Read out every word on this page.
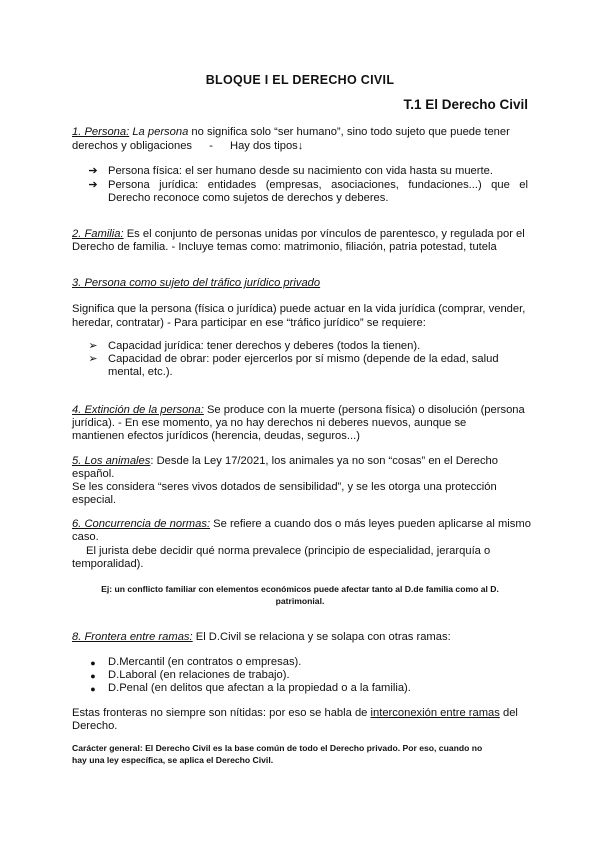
BLOQUE I EL DERECHO CIVIL
T.1 El Derecho Civil
1. Persona: La persona no significa solo “ser humano”, sino todo sujeto que puede tener
derechos y obligaciones - Hay dos tipos↓
➔ Persona física: el ser humano desde su nacimiento con vida hasta su muerte.
➔ Persona jurídica: entidades (empresas, asociaciones, fundaciones...) que el
Derecho reconoce como sujetos de derechos y deberes.
2. Familia: Es el conjunto de personas unidas por vínculos de parentesco, y regulada por el
Derecho de familia. - Incluye temas como: matrimonio, filiación, patria potestad, tutela
3. Persona como sujeto del tráfico jurídico privado
Significa que la persona (física o jurídica) puede actuar en la vida jurídica (comprar, vender,
heredar, contratar) - Para participar en ese “tráfico jurídico” se requiere:
➢ Capacidad jurídica: tener derechos y deberes (todos la tienen).
➢ Capacidad de obrar: poder ejercerlos por sí mismo (depende de la edad, salud
mental, etc.).
4. Extinción de la persona: Se produce con la muerte (persona física) o disolución (persona
jurídica). - En ese momento, ya no hay derechos ni deberes nuevos, aunque se
mantienen efectos jurídicos (herencia, deudas, seguros...)
5. Los animales: Desde la Ley 17/2021, los animales ya no son “cosas” en el Derecho
español.
Se les considera “seres vivos dotados de sensibilidad”, y se les otorga una protección
especial.
6. Concurrencia de normas: Se refiere a cuando dos o más leyes pueden aplicarse al mismo
caso.
El jurista debe decidir qué norma prevalece (principio de especialidad, jerarquía o
temporalidad).
Ej: un conflicto familiar con elementos económicos puede afectar tanto al D.de familia como al D.
patrimonial.
8. Frontera entre ramas: El D.Civil se relaciona y se solapa con otras ramas:
●	D.Mercantil (en contratos o empresas).
●	D.Laboral (en relaciones de trabajo).
●	D.Penal (en delitos que afectan a la propiedad o a la familia).
Estas fronteras no siempre son nítidas: por eso se habla de interconexión entre ramas del
Derecho.
Carácter general: El Derecho Civil es la base común de todo el Derecho privado. Por eso, cuando no
hay una ley específica, se aplica el Derecho Civil.
